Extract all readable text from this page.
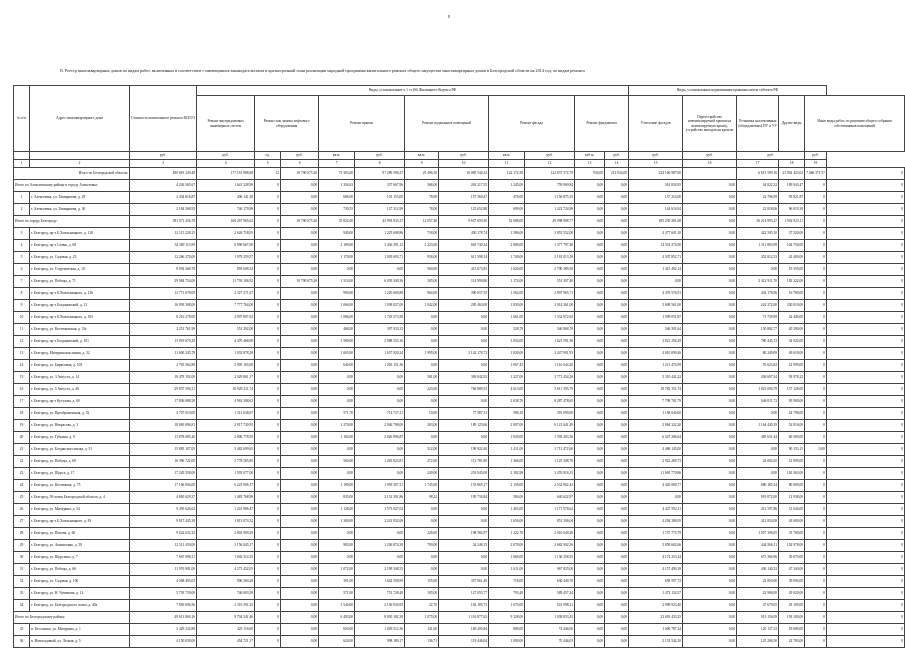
8
II. Реестр многоквартирных домов по видам работ, включенных в соответствие с имеющимися законодательством и краткосрочный план реализации народной программы капитального ремонта общего имущества многоквартирных домов в Белгородской области на 2014 год, по видам ремонта
№ п/п	Адрес многоквартирного дома	Стоимость капитального ремонта ВСЕГО	Виды, установленные ч.1 ст.166 Жилищного Кодекса РФ											Виды, установленные нормативным правовым актом субъекта РФ					
			Ремонт внутридомовых инженерных систем	Ремонт или замена лифтового оборудования		Ремонт крыши		Ремонт подвальных помещений		Ремонт фасада		Ремонт фундамента		Утепление фасадов	Переустройство невентилируемой крыши на вентилируемую крышу, устройство выходов на кровлю	Установка коллективных (общедомовых) ПУ и УУ	Другие виды	Иные виды работ, по решению общего собрания собственников помещений	
		руб.	руб.	ед.	руб.	кв.м.	руб.	кв.м.	руб.	кв.м.	руб.	куб.м.	руб.	руб.	руб.	руб.		руб.	
1	2	3	4	5	6	7	8	9	10	11	12	13	14	15	16	17	18	19	
Итого по Белгородской области:		490 881 239,48	177 161 888,68	12	10 790 675,20	73 383,00	97 289 596,37	25 496,50	16 085 544,32	122 172,50	122 037 372,79	934,00	213 934,00	224 166 987,00		6 813 599,16	23 902 423,02	7 486 371,57	0
Итого по Алексеевскому району и городу Алексеевка:		4 236 365,67	1 641 328,90	0	0,00	1 394,63	337 667,96	366,00	263 217,55	1 245,00	759 969,84	0,00	0,00	361 834,95	0,00	44 822,32	189 943,47	0	0
1	г. Алексеевка, ул. Тимирязева, д. 29	2 434 816,87	406 141,30	0	0,00	686,00	101 153,00	78,00	157 560,47	476,00	1 156 875,35	0,00	0,00	137 214,00	0,00	22 796,99	93 921,87	0	0
2	г. Алексеевка, ул. Тимирязева, д. 30	2 184 368,93	746 179,98	0	0,00	730,55	127 312,99	78,00	125 652,88	699,00	1 222 724,98	0,00	0,00	144 616,94	0,00	22 018,06	96 019,30	0	0
Итого по городу Белгороду:		381 071 256,79	160 267 965,02	0	10 790 675,20	35 822,00	43 993 933,37	12 057,40	9 637 659,30	52 088,00	49 998 988,77	0,00	0,00	185 239 281,68	0,00	36 214 993,27	1 902 923,11	0	0
3	г. Белгород, пр-т Б.Хмельницкого, д. 118	12 115 228,15	2 626 718,05	0	0,00	940,00	1 225 608,86	718,00	450 178,74	1 586,00	3 855 552,00	0,00	0,00	4 477 601,10	0,00	422 595,10	37 520,00	0	0
4	г. Белгород, пр-т Славы, д. 68	34 389 113,99	6 990 667,00	0	0,00	2 189,00	3 436 391,12	2 223,00	665 740,34	2 880,00	1 377 797,40	0,00	0,00	14 352 274,90	0,00	1 311 803,99	104 750,00	0	0
5	г. Белгород, ул. Садовая, д. 23	12 266 270,00	1 979 259,57	0	0,00	1 170,00	1 005 693,71	956,00	611 598,14	1 740,00	2 163 013,18	0,00	0,00	4 307 852,71	0,00	452 812,53	42 400,00	0	0
6	г. Белгород, ул. Студенческая, д. 10	8 092 268,79	893 608,32	0	0,00	0,00	0,00	560,00	415 673,83	1 620,00	2 790 289,30	0,00	0,00	1 415 492,14	0,00	0,00	19 350,00	0	0
7	г. Белгород, ул. Победы, д. 71	29 984 754,00	11 793 106,92	0	10 790 675,20	1 514,00	6 039 349,36	305,00	114 990,86	1 174,00	551 307,40	0,00	0,00	0,00	0,00	2 412 911,70	182 222,00	0	0
8	г. Белгород, пр-т Б.Хмельницкого, д. 136	12 771 678,09	2 327 271,07	0	0,00	990,00	1 220 600,80	964,00	390 657,55	1 562,00	2 897 965,71	0,00	0,00	4 476 576,91	0,00	434 178,06	16 780,00	0	0
9	г. Белгород, пр-т Богдановский, д. 21	16 993 308,00	7 777 764,00	0	0,00	1 066,00	1 038 827,00	1 042,00	285 463,00	1 830,00	2 014 361,00	0,00	0,00	5 608 561,00	0,00	224 372,00	230 010,00	0	0
10	г. Белгород, пр-т Б.Хмельницкого, д. 183	8 216 278,00	2 097 807,63	0	0,00	1 086,00	1 743 573,50	0,00	0,00	1 661,00	1 332 872,63	0,00	0,00	1 599 051,87	0,00	71 739,99	42 449,00	0	0
11	г. Белгород, ул. Костюковская, д. 33г	2 251 761,99	551 292,00	0	0,00	468,00	397 933,33	0,00	0,00	528,78	546 868,78	0,00	0,00	346 391,64	0,00	150 882,77	20 290,00	0	0
12	г. Белгород, пр-т Богдановский, д. 101	13 019 670,29	4 470 468,00	0	0,00	1 580,00	2 088 353,16	0,00	0,00	3 054,00	1 621 591,56	0,00	0,00	3 821 294,29	0,00	780 445,72	34 922,00	0	0
13	г. Белгород, Мичуринская линия, д. 32	11 600 245,78	1 033 878,28	0	0,00	1 065,00	1 637 920,24	1 995,00	2 142 178,72	1 820,00	2 247 901,93	0,00	0,00	4 810 099,46	0,00	80 249,09	49 618,00	0	0
14	г. Белгород, ул. Бирюзовая, д. 103	2 765 562,80	2 905 165,00	0	0,00	640,00	1 265 151,36	0,00	0,00	1 067,43	1 161 044,20	0,00	0,00	1 213 474,99	0,00	76 623,82	22 999,00	0	0
15	г. Белгород, ул. З Августа, д. 14	18 478 192,00	2 029 861,17	0	0,00	0,00	0,00	581,00	369 042,92	1 227,00	2 771 434,20	0,00	0,00	5 310 441,22	0,00	436 697,34	93 978,22	0	0
16	г. Белгород, ул. 5 Августа, д. 40	29 837 594,31	10 929 211,74	0	0,00	0,00	0,00	223,00	766 889,53	4 613,00	3 611 395,79	0,00	0,00	10 782 151,74	0,00	1 821 094,79	137 128,00	0	0
17	г. Белгород, пр-т Кутузова, д. 60	17 836 088,50	4 963 308,63	0	0,00	0,00	0,00	0,00	0,00	2 638,70	8 287 478,65	0,00	0,00	7 798 701,79	0,00	646 011,72	95 900,00	0	0
18	г. Белгород, ул. Преображенская, д. 52	4 707 010,00	1 313 638,67	0	0,00	571,70	714 737,31	10,00	77 987,31	586,10	391 099,00	0,00	0,00	1 168 040,00	0,00	0,00	24 798,00	0	0
19	г. Белгород, ул. Некрасова, д. 3	18 065 096,81	2 817 730,93	0	0,00	1 270,00	2 946 798,00	263,00	189 125,66	2 097,00	6 121 641,49	0,00	0,00	2 964 322,20	0,00	1 164 440,19	52 816,00	0	0
20	г. Белгород, ул. Губкина, д. 9	13 878 085,26	2 806 778,59	0	0,00	1 104,00	2 026 896,87	0,00	0,00	1 830,00	1 395 203,36	0,00	0,00	6 347 286,64	0,00	485 631,44	60 500,00	0	0
21	г. Белгород, ул. Богданского вилка, д. 51	15 883 107,05	3 482 699,65	0	0,00	0,00	0,00	512,00	199 922,40	1 411,00	3 713 472,60	0,00	0,00	4 468 143,00	0,00	0,00	90 153,15	0,00	0
22	г. Белгород, ул. Победы, д. 69	16 396 722,00	2 778 565,85	0	0,00	560,00	1 281 923,81	272,00	113 781,80	1 366,00	1 125 308,76	0,00	0,00	2 922 269,73	0,00	42 002,65	41 890,00	0	0
23	г. Белгород, ул. Щорса, д. 17	17 245 558,00	1 593 077,00	0	0,00	0,00	0,00	249,00	253 945,00	2 182,98	3 476 916,15	0,00	0,00	11 665 770,86	0,00	0,00	165 363,00	0	0
24	г. Белгород, ул. Костюкова, д. 75	17 166 004,00	6 223 096,17	0	0,00	1 190,00	1 959 307,31	1 745,00	153 865,17	2 150,00	2 532 802,43	0,00	0,00	4 420 080,77	0,00	680 185,54	80 000,00	0	0
25	г. Белгород, 50-летия Белгородской области, д. 4	4 865 629,37	1 483 768,98	0	0,00	835,00	2 131 391,86	98,22	195 734,84	584,00	640 622,97	0,00	0,00	0,00	0,00	919 072,00	12 938,00	0	0
26	г. Белгород, ул. Мичурина, д. 54	9 459 626,62	1 241 886,47	0	0,00	1 128,00	1 573 027,02	0,00	0,00	1 403,00	1 171 978,62	0,00	0,00	4 427 592,11	0,00	412 597,86	31 640,00	0	0
27	г. Белгород, пр-т Б.Хмельницкого, д. 83	9 817 445,30	1 813 074,52	0	0,00	1 300,00	2 241 832,69	0,00	0,00	1 656,00	851 306,04	0,00	0,00	4 294 286,95	0,00	412 854,08	43 600,00	0	0
28	г. Белгород, ул. Попова, д. 60	9 622 632,32	2 802 909,29	0	0,00	0,00	0,00	226,00	198 582,97	1 222,78	2 010 649,26	0,00	0,00	1 737 773,79	0,00	1 057 396,05	35 780,00	0	0
29	г. Белгород, ул. Апанасенко, д. 58	12 511 450,00	3 156 045,17	0	0,00	983,00	1 236 874,30	790,00	34 248,15	2 078,00	2 682 902,56	0,00	0,00	5 858 602,66	0,00	444 566,11	102 978,00	0	0
30	г. Белгород, ул. Щорсенко, д. 7	7 667 098,31	1 602 314,35	0	0,00	0,00	0,00	0,00	0,00	1 660,00	1 136 358,35	0,00	0,00	4 174 253,24	0,00	673 366,96	30 670,00	0	0
31	г. Белгород, ул. Победы, д. 66	11 976 981,00	4 275 432,05	0	0,00	1 072,00	2 199 348,55	0,00	0,00	1 611,00	967 825,00	0,00	0,00	4 157 490,18	0,00	436 140,52	47 340,00	0	0
32	г. Белгород, ул. Садовая, д. 106	4 568 493,03	906 560,28	0	0,00	391,00	1 642 558,99	155,00	357 061,49	716,00	630 440,70	0,00	0,00	658 597,72	0,00	22 850,00	39 094,00	0	0
33	г. Белгород, ул. Н. Чумичова, д. 14	5 793 739,00	746 003,58	0	0,00	571,00	751 728,40	105,00	127 053,77	793,40	589 457,24	0,00	0,00	1 472 154,57	0,00	22 906,00	29 020,00	0	0
34	г. Белгород, ул. Белгородского полка, д. 40а	7 850 006,56	2 316 391,25	0	0,00	1 540,00	2 136 030,93	22,70	102 185,73	1 670,00	541 098,21	0,00	0,00	2 998 923,40	0,00	47 679,05	43 100,00	0	0
Итого по Белгородскому району:		49 613 860,16	9 704 541,46	0	0,00	6 493,00	8 830 182,30	1 075,00	1 116 877,62	9 328,00	1 038 853,45	0,00	0,00	23 693 433,25	0,00	913 156,09	193 100,00	0	0
35	п. Бессоново, ул. Мичурина, д. 1	3 429 232,80	425 116,00	0	0,00	650,00	1 049 512,36	141,00	169 205,84	880,00	74 446,06	0,00	0,00	1 606 787,34	0,00	120 137,33	18 680,00	0	0
36	п. Новосадовый, ул. Лесная, д. 5	4 150 039,00	454 721,17	0	0,00	624,00	998 189,17	136,71	119 446,04	1 090,00	70 446,03	0,00	0,00	2 133 544,10	0,00	125 206,50	22 783,00	0	0
